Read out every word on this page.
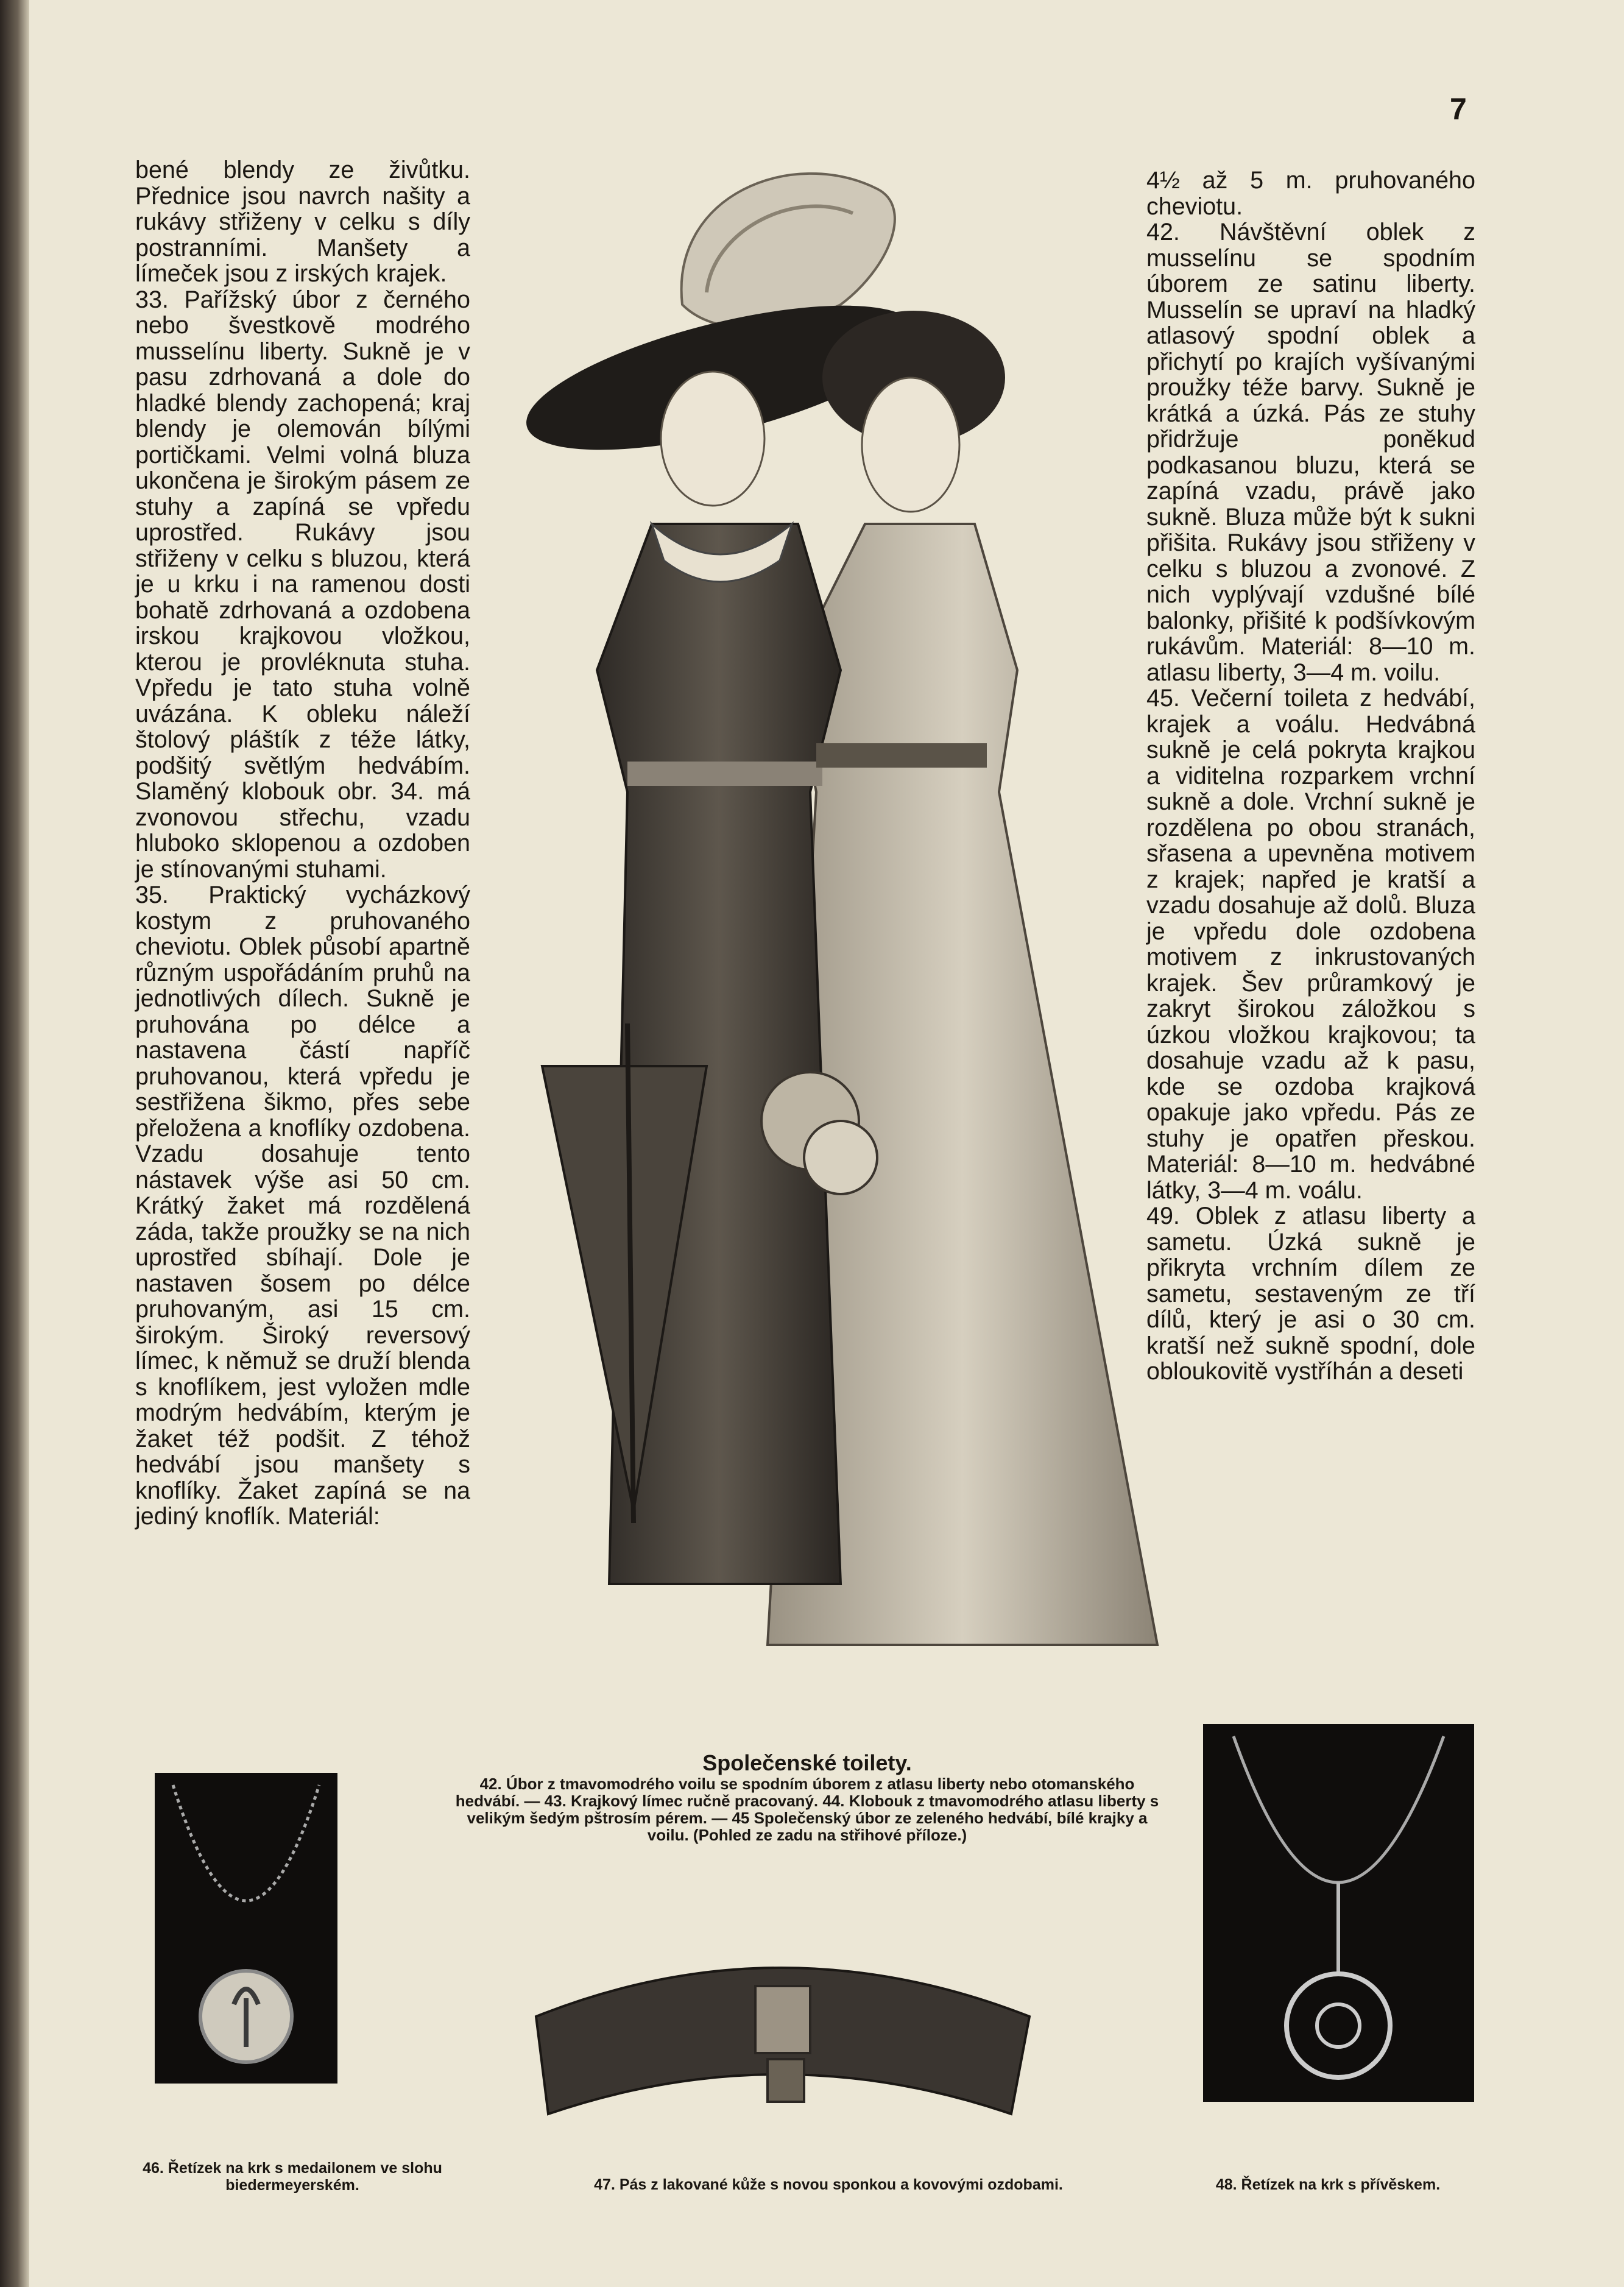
7

bené blendy ze živůtku. Přednice jsou navrch našity a rukávy střiženy v celku s díly postranními. Manšety a límeček jsou z irských krajek.

33. Pařížský úbor z černého nebo švestkově modrého musselínu liberty. Sukně je v pasu zdrhovaná a dole do hladké blendy zachopená; kraj blendy je olemován bílými portičkami. Velmi volná bluza ukončena je širokým pásem ze stuhy a zapíná se vpředu uprostřed. Rukávy jsou střiženy v celku s bluzou, která je u krku i na ramenou dosti bohatě zdrhovaná a ozdobena irskou krajkovou vložkou, kterou je provléknuta stuha. Vpředu je tato stuha volně uvázána. K obleku náleží štolový pláštík z téže látky, podšitý světlým hedvábím. Slaměný klobouk obr. 34. má zvonovou střechu, vzadu hluboko sklopenou a ozdoben je stínovanými stuhami.

35. Praktický vycházkový kostym z pruhovaného cheviotu. Oblek působí apartně různým uspořádáním pruhů na jednotlivých dílech. Sukně je pruhována po délce a nastavena částí napříč pruhovanou, která vpředu je sestřižena šikmo, přes sebe přeložena a knoflíky ozdobena. Vzadu dosahuje tento nástavek výše asi 50 cm. Krátký žaket má rozdělená záda, takže proužky se na nich uprostřed sbíhají. Dole je nastaven šosem po délce pruhovaným, asi 15 cm. širokým. Široký reversový límec, k němuž se druží blenda s knoflíkem, jest vyložen mdle modrým hedvábím, kterým je žaket též podšit. Z téhož hedvábí jsou manšety s knoflíky. Žaket zapíná se na jediný knoflík. Materiál:

Společenské toilety.
42. Úbor z tmavomodrého voilu se spodním úborem z atlasu liberty nebo otomanského hedvábí. — 43. Krajkový límec ručně pracovaný. 44. Klobouk z tmavomodrého atlasu liberty s velikým šedým pštrosím pérem. — 45 Společenský úbor ze zeleného hedvábí, bílé krajky a voilu. (Pohled ze zadu na střihové příloze.)
46. Řetízek na krk s medailonem ve slohu biedermeyerském.	47. Pás z lakované kůže s novou sponkou a kovovými ozdobami.	48. Řetízek na krk s přívěskem.

4½ až 5 m. pruhovaného cheviotu.

42. Návštěvní oblek z musselínu se spodním úborem ze satinu liberty. Musselín se upraví na hladký atlasový spodní oblek a přichytí po krajích vyšívanými proužky téže barvy. Sukně je krátká a úzká. Pás ze stuhy přidržuje poněkud podkasanou bluzu, která se zapíná vzadu, právě jako sukně. Bluza může být k sukni přišita. Rukávy jsou střiženy v celku s bluzou a zvonové. Z nich vyplývají vzdušné bílé balonky, přišité k podšívkovým rukávům. Materiál: 8—10 m. atlasu liberty, 3—4 m. voilu.

45. Večerní toileta z hedvábí, krajek a voálu. Hedvábná sukně je celá pokryta krajkou a viditelna rozparkem vrchní sukně a dole. Vrchní sukně je rozdělena po obou stranách, sřasena a upevněna motivem z krajek; napřed je kratší a vzadu dosahuje až dolů. Bluza je vpředu dole ozdobena motivem z inkrustovaných krajek. Šev průramkový je zakryt širokou záložkou s úzkou vložkou krajkovou; ta dosahuje vzadu až k pasu, kde se ozdoba krajková opakuje jako vpředu. Pás ze stuhy je opatřen přeskou. Materiál: 8—10 m. hedvábné látky, 3—4 m. voálu.

49. Oblek z atlasu liberty a sametu. Úzká sukně je přikryta vrchním dílem ze sametu, sestaveným ze tří dílů, který je asi o 30 cm. kratší než sukně spodní, dole obloukovitě vystříhán a deseti
